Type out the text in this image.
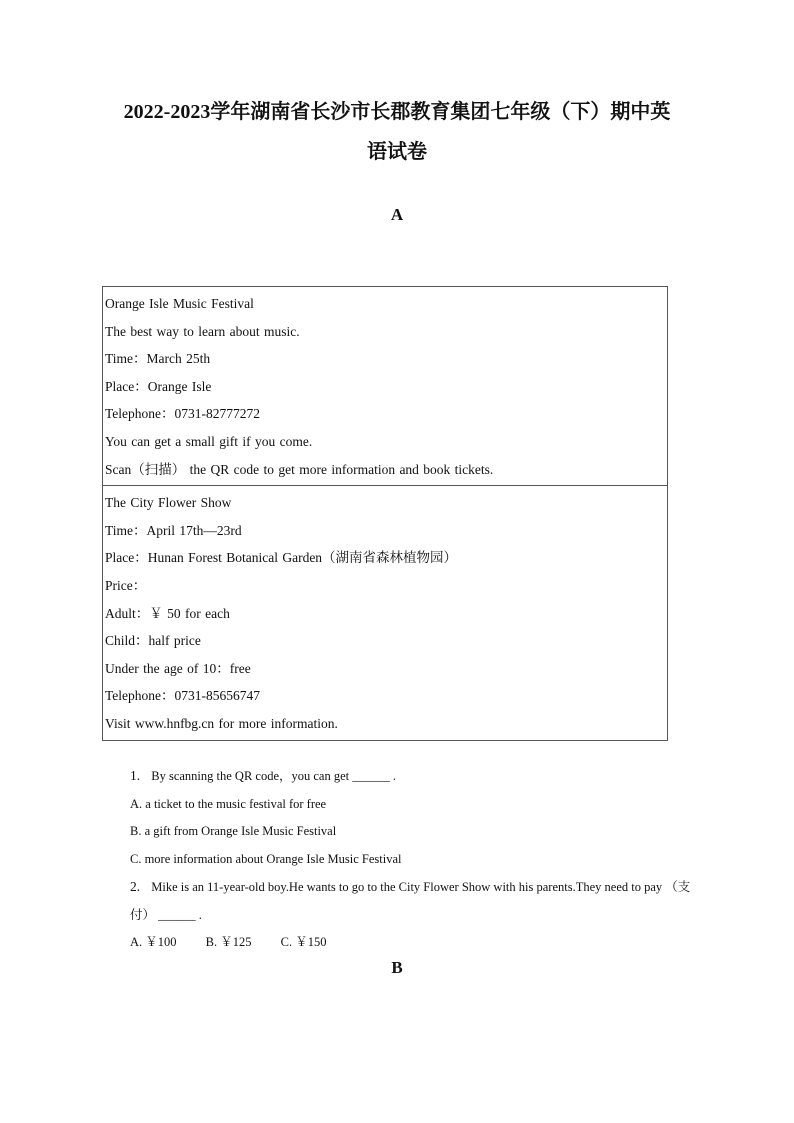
2022-2023学年湖南省长沙市长郡教育集团七年级（下）期中英
语试卷
A
Orange Isle Music Festival
The best way to learn about music.
Time：March 25th
Place：Orange Isle
Telephone：0731-82777272
You can get a small gift if you come.
Scan（扫描） the QR code to get more information and book tickets.
The City Flower Show
Time：April 17th—23rd
Place：Hunan Forest Botanical Garden（湖南省森林植物园）
Price：
Adult：￥ 50 for each
Child：half price
Under the age of 10：free
Telephone：0731-85656747
Visit www.hnfbg.cn for more information.
1. By scanning the QR code，you can get ______ .
A. a ticket to the music festival for free
B. a gift from Orange Isle Music Festival
C. more information about Orange Isle Music Festival
2. Mike is an 11-year-old boy.He wants to go to the City Flower Show with his parents.They need to pay （支付） ______ .
A. ￥100 B. ￥125 C. ￥150
B
